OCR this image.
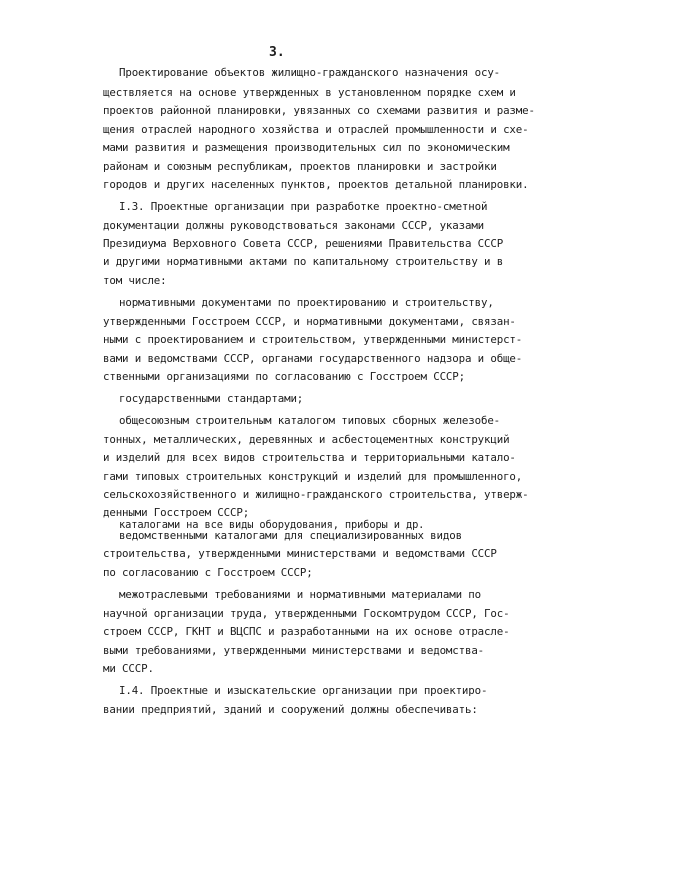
3.
Проектирование объектов жилищно-гражданского назначения осу-
ществляется на основе утвержденных в установленном порядке схем и
проектов районной планировки, увязанных со схемами развития и разме-
щения отраслей народного хозяйства и отраслей промышленности и схе-
мами развития и размещения производительных сил по экономическим
районам и союзным республикам, проектов планировки и застройки
городов и других населенных пунктов, проектов детальной планировки.
I.3. Проектные организации при разработке проектно-сметной
документации должны руководствоваться законами СССР, указами
Президиума Верховного Совета СССР, решениями Правительства СССР
и другими нормативными актами по капитальному строительству и в
том числе:
нормативными документами по проектированию и строительству,
утвержденными Госстроем СССР, и нормативными документами, связан-
ными с проектированием и строительством, утвержденными министерст-
вами и ведомствами СССР, органами государственного надзора и обще-
ственными организациями по согласованию с Госстроем СССР;
государственными стандартами;
общесоюзным строительным каталогом типовых сборных железобе-
тонных, металлических, деревянных и асбестоцементных конструкций
и изделий для всех видов строительства и территориальными катало-
гами типовых строительных конструкций и изделий для промышленного,
сельскохозяйственного и жилищно-гражданского строительства, утверж-
денными Госстроем СССР;
каталогами на все виды оборудования, приборы и др.
ведомственными каталогами для специализированных видов
строительства, утвержденными министерствами и ведомствами СССР
по согласованию с Госстроем СССР;
межотраслевыми требованиями и нормативными материалами по
научной организации труда, утвержденными Госкомтрудом СССР, Гос-
строем СССР, ГКНТ и ВЦСПС и разработанными на их основе отрасле-
выми требованиями, утвержденными министерствами и ведомства-
ми СССР.
I.4. Проектные и изыскательские организации при проектиро-
вании предприятий, зданий и сооружений должны обеспечивать:
